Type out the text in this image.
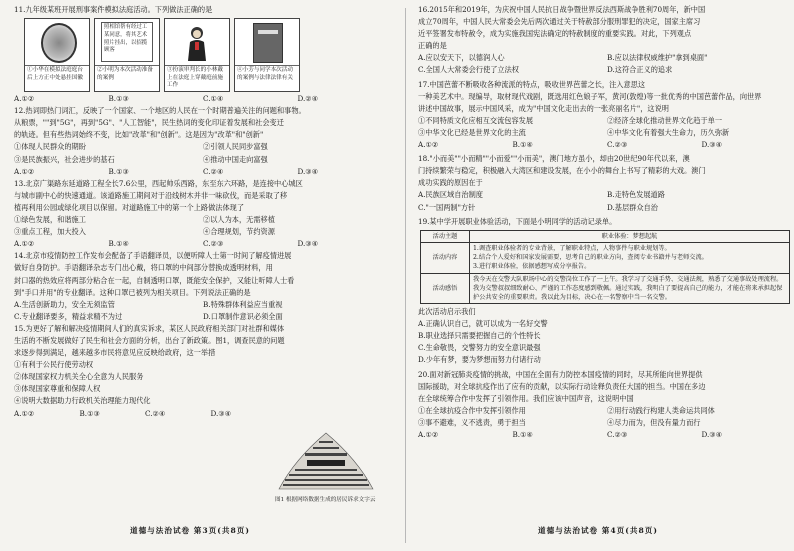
11.九年级某班开展刑事案件模拟法庭活动。下列做法正确的是

①小华在模拟法庭庭台后上方正中处悬挂国徽
照相馆帮有经过工某同意，将其艺术照片挂出，以招揽顾客
②小明为本次活动准备的案例
③扮演审判长的小林戴上在法庭上穿戴庭前施工作
④小芳与同学本次活动的案例与法律法律有关
A.①②	B.①③	C.①④	D.②④

12.热词即热门词汇，反映了一个国家、一个地区的人民在一个时期普遍关注的问题和事物。

从粮票，""到"5G"，再到"5G"、"人工智能"，民生热词的变化印证着发展和社会变迁

的轨迹。但有些热词始终不变，比如"改革"和"创新"。这是因为"改革"和"创新"

①体现人民群众的期盼	②引领人民同步富强
③是民族振兴，社会进步的基石	④推动中国走向富强
A.①②	B.①③	C.②④	D.③④

13.北京广渠路东延道路工程全长7.6公里，西起帅乐西路，东至东六环路，是连接中心城区

与城市副中心的快速通道。该道路施工期间对于沿线树木并非一味砍伐，而是采取了移

植再利用公园或绿化项目以保留。对道路施工中的第一个上路做法体现了

①绿色发展，和谐施工	②以人为本，无需移植
③重点工程，加大投入	④合理规划，节约资源
A.①②	B.①④	C.②③	D.③④

14.北京市疫情防控工作发布会配备了手语翻译员，以便听障人士第一时间了解疫情进展

做好自身防护。手语翻译杂志专门出心戴，将口罩的中间部分替换成透明材料，用

封口器的热效应将两部分粘合在一起，自制透明口罩，既能安全保护，又能让听障人士看

到"手口并用"的专业翻译。这种口罩已被列为相关项目。下列说法正确的是

A.生活创新助力，安全无须监管	B.特殊群体利益应当重视
C.专业翻译要多，精益求精不为过	D.口罩制作意识必须全面

15.为更好了解和解决疫情期间人们的真实诉求，某区人民政府相关部门对社群和媒体

生活的不断发展做好了民生和社会方面的分析，出台了新政策。图1，调查民意的问题

求逐步得到满足，越来越多市民将意见应反映给政府，这一举措

①有利于公民行使劳动权

②体现国家权力机关全心全意为人民服务

③体现国家尊重和保障人权

④说明大数据助力行政机关治理能力现代化

A.①②	B.①③	C.②④	D.③④
图1 根据网络数据生成的居民诉求文字云

16.2015年和2019年，为庆祝中国人民抗日战争暨世界反法西斯战争胜利70周年，新中国

成立70周年，中国人民大常委会先后两次通过关于特赦部分服刑罪犯的决定，国家主席习

近平签署发布特赦令，成为实施我国宪法确定的特赦制度的重要实践。对此，下列观点

正确的是

A.应以安天下，以德润人心	B.应以法律权威维护"拿到桌面"
C.全国人大常委会行使了立法权	D.这符合正义的追求

17.中国芭蕾不断吸收各种流派的特点，吸收世界芭蕾之长，注入意思这

一种美艺术中。现编导，取材现代戏剧，既选用红色娘子军，黄河(敦煌)等一批优秀的中国芭蕾作品，向世界

讲述中国故事，展示中国风采，成为"中国文化走出去的一张亮丽名片"，这说明

①不同特质文化应相互交流包容发展	②经济全球化推动世界文化趋于单一
③中华文化已经是世界文化的主流	④中华文化有着强大生命力，历久弥新
A.①②	B.①④	C.②③	D.③④

18."小而美""小而精""小而爱""小而美"，澳门地方虽小，却由20世纪90年代以来，澳

门持续繁荣与稳定，积极融入大湾区和建设发展，在小小的舞台上书写了精彩的大戏。澳门

成功实践的原因在于

A.民族区域自治制度	B.走特色发展道路
C."一国两制"方针	D.基层群众自治

19.某中学开展职业体验活动，下面是小明同学的活动记录单。

活动主题	职业体验：梦想起航
活动内容	1.调查职业体验者的专业背景，了解职业特点，人物事件与职业规划等。
2.结合个人爱好和国家发展需要，思考自己的职业方向，查阅专业书籍并与老师交流。
3.进行职业体验，依据感想写成分享报告。

活动感悟	我今天在交警大队职场中心的交警岗位工作了一上午。我学习了交通手势、交通法规，熟悉了交通事故处理流程。我为交警叔叔细致耐心、严谨的工作态度感到敬佩。通过实践，我明白了要提高自己的能力，才能在将来承担起保护公共安全的重要职责。我以此为目标，决心在一名警察中当一名交警。

此次活动启示我们

A.正确认识自己，就可以成为一名好交警

B.职业选择只需要把握自己的个性特长

C.生命敬畏，交警努力的安全意识最强

D.少年有梦，要为梦想而努力付诸行动

20.面对新冠肺炎疫情的挑战，中国在全面有力防控本国疫情的同时，尽其所能向世界提供

国际援助，对全球抗疫作出了应有的贡献，以实际行动诠释负责任大国的担当。中国在多边

在全球统筹合作中发挥了引领作用。我们应该中国声音，这说明中国

①在全球抗疫合作中发挥引领作用	②用行动践行构建人类命运共同体
③事不避难，义不逃责，勇于担当	④尽力而为，但没有量力而行
A.①②	B.①④	C.②③	D.③④
道德与法治试卷 第3页(共8页)	道德与法治试卷 第4页(共8页)
